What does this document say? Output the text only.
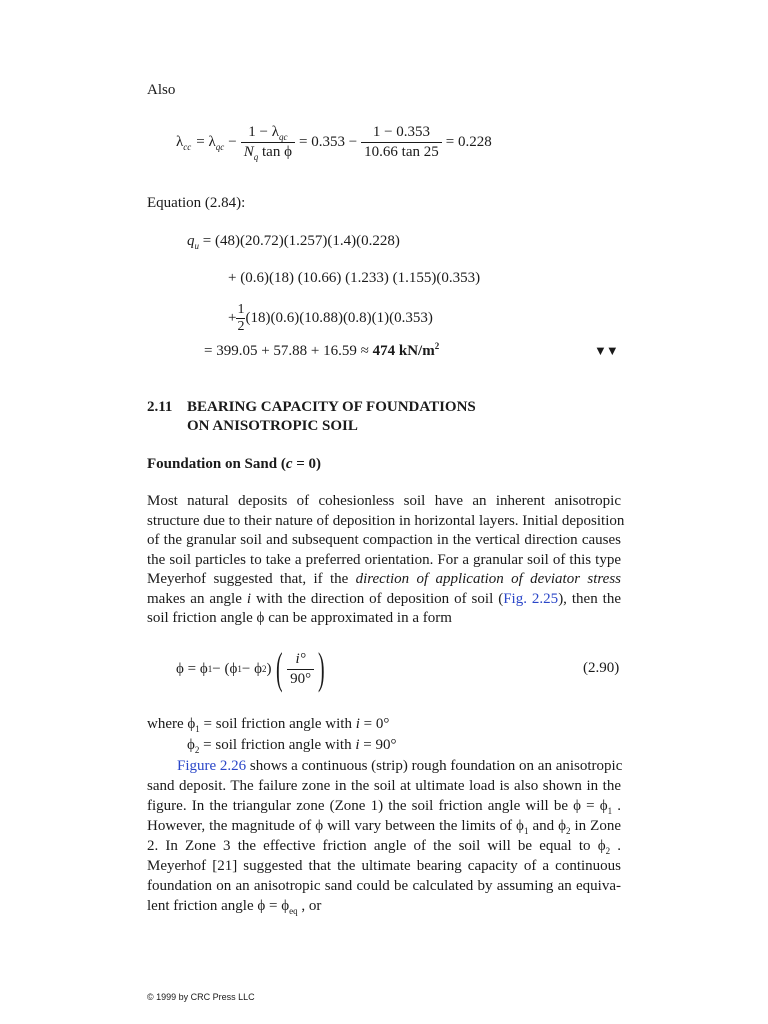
Also
$\lambda_{cc} = \lambda_{qc} - \frac{1 - \lambda_{qc}}{N_q \tan \phi} = 0.353 - \frac{1 - 0.353}{10.66 \tan 25} = 0.228$
Equation (2.84):
$q_u = (48)(20.72)(1.257)(1.4)(0.228)$
+ (0.6)(18) (10.66) (1.233) (1.155)(0.353)
+ $\frac{1}{2} (18)(0.6)(10.88)(0.8)(1)(0.353)$
= 399.05 + 57.88 + 16.59 ≈ 474 $kN/m^2$	▼▼
2.11 BEARING CAPACITY OF FOUNDATIONS
ON ANISOTROPIC SOIL
Foundation on Sand (c = 0)
Most natural deposits of cohesionless soil have an inherent anisotropic
structure due to their nature of deposition in horizontal layers. Initial deposition
of the granular soil and subsequent compaction in the vertical direction causes
the soil particles to take a preferred orientation. For a granular soil of this type
Meyerhof suggested that, if the direction of application of deviator stress
makes an angle i with the direction of deposition of soil (Fig. 2.25), then the
soil friction angle ϕ can be approximated in a form
ϕ = ϕ 1 − (ϕ 1 − ϕ 2 ) ( $\frac{i^\circ}{90^\circ}$ )	(2.90)
where $\phi_1$ = soil friction angle with i = 0°
$\phi_2$ = soil friction angle with i = 90°
Figure 2.26 shows a continuous (strip) rough foundation on an anisotropic
sand deposit. The failure zone in the soil at ultimate load is also shown in the
figure. In the triangular zone (Zone 1) the soil friction angle will be $\phi = \phi_1$ .
However, the magnitude of ϕ will vary between the limits of $\phi_1$ and $\phi_2$ in Zone
2. In Zone 3 the effective friction angle of the soil will be equal to $\phi_2$ .
Meyerhof [21] suggested that the ultimate bearing capacity of a continuous
foundation on an anisotropic sand could be calculated by assuming an equiva-
lent friction angle $\phi = \phi_{eq}$ , or
© 1999 by CRC Press LLC
